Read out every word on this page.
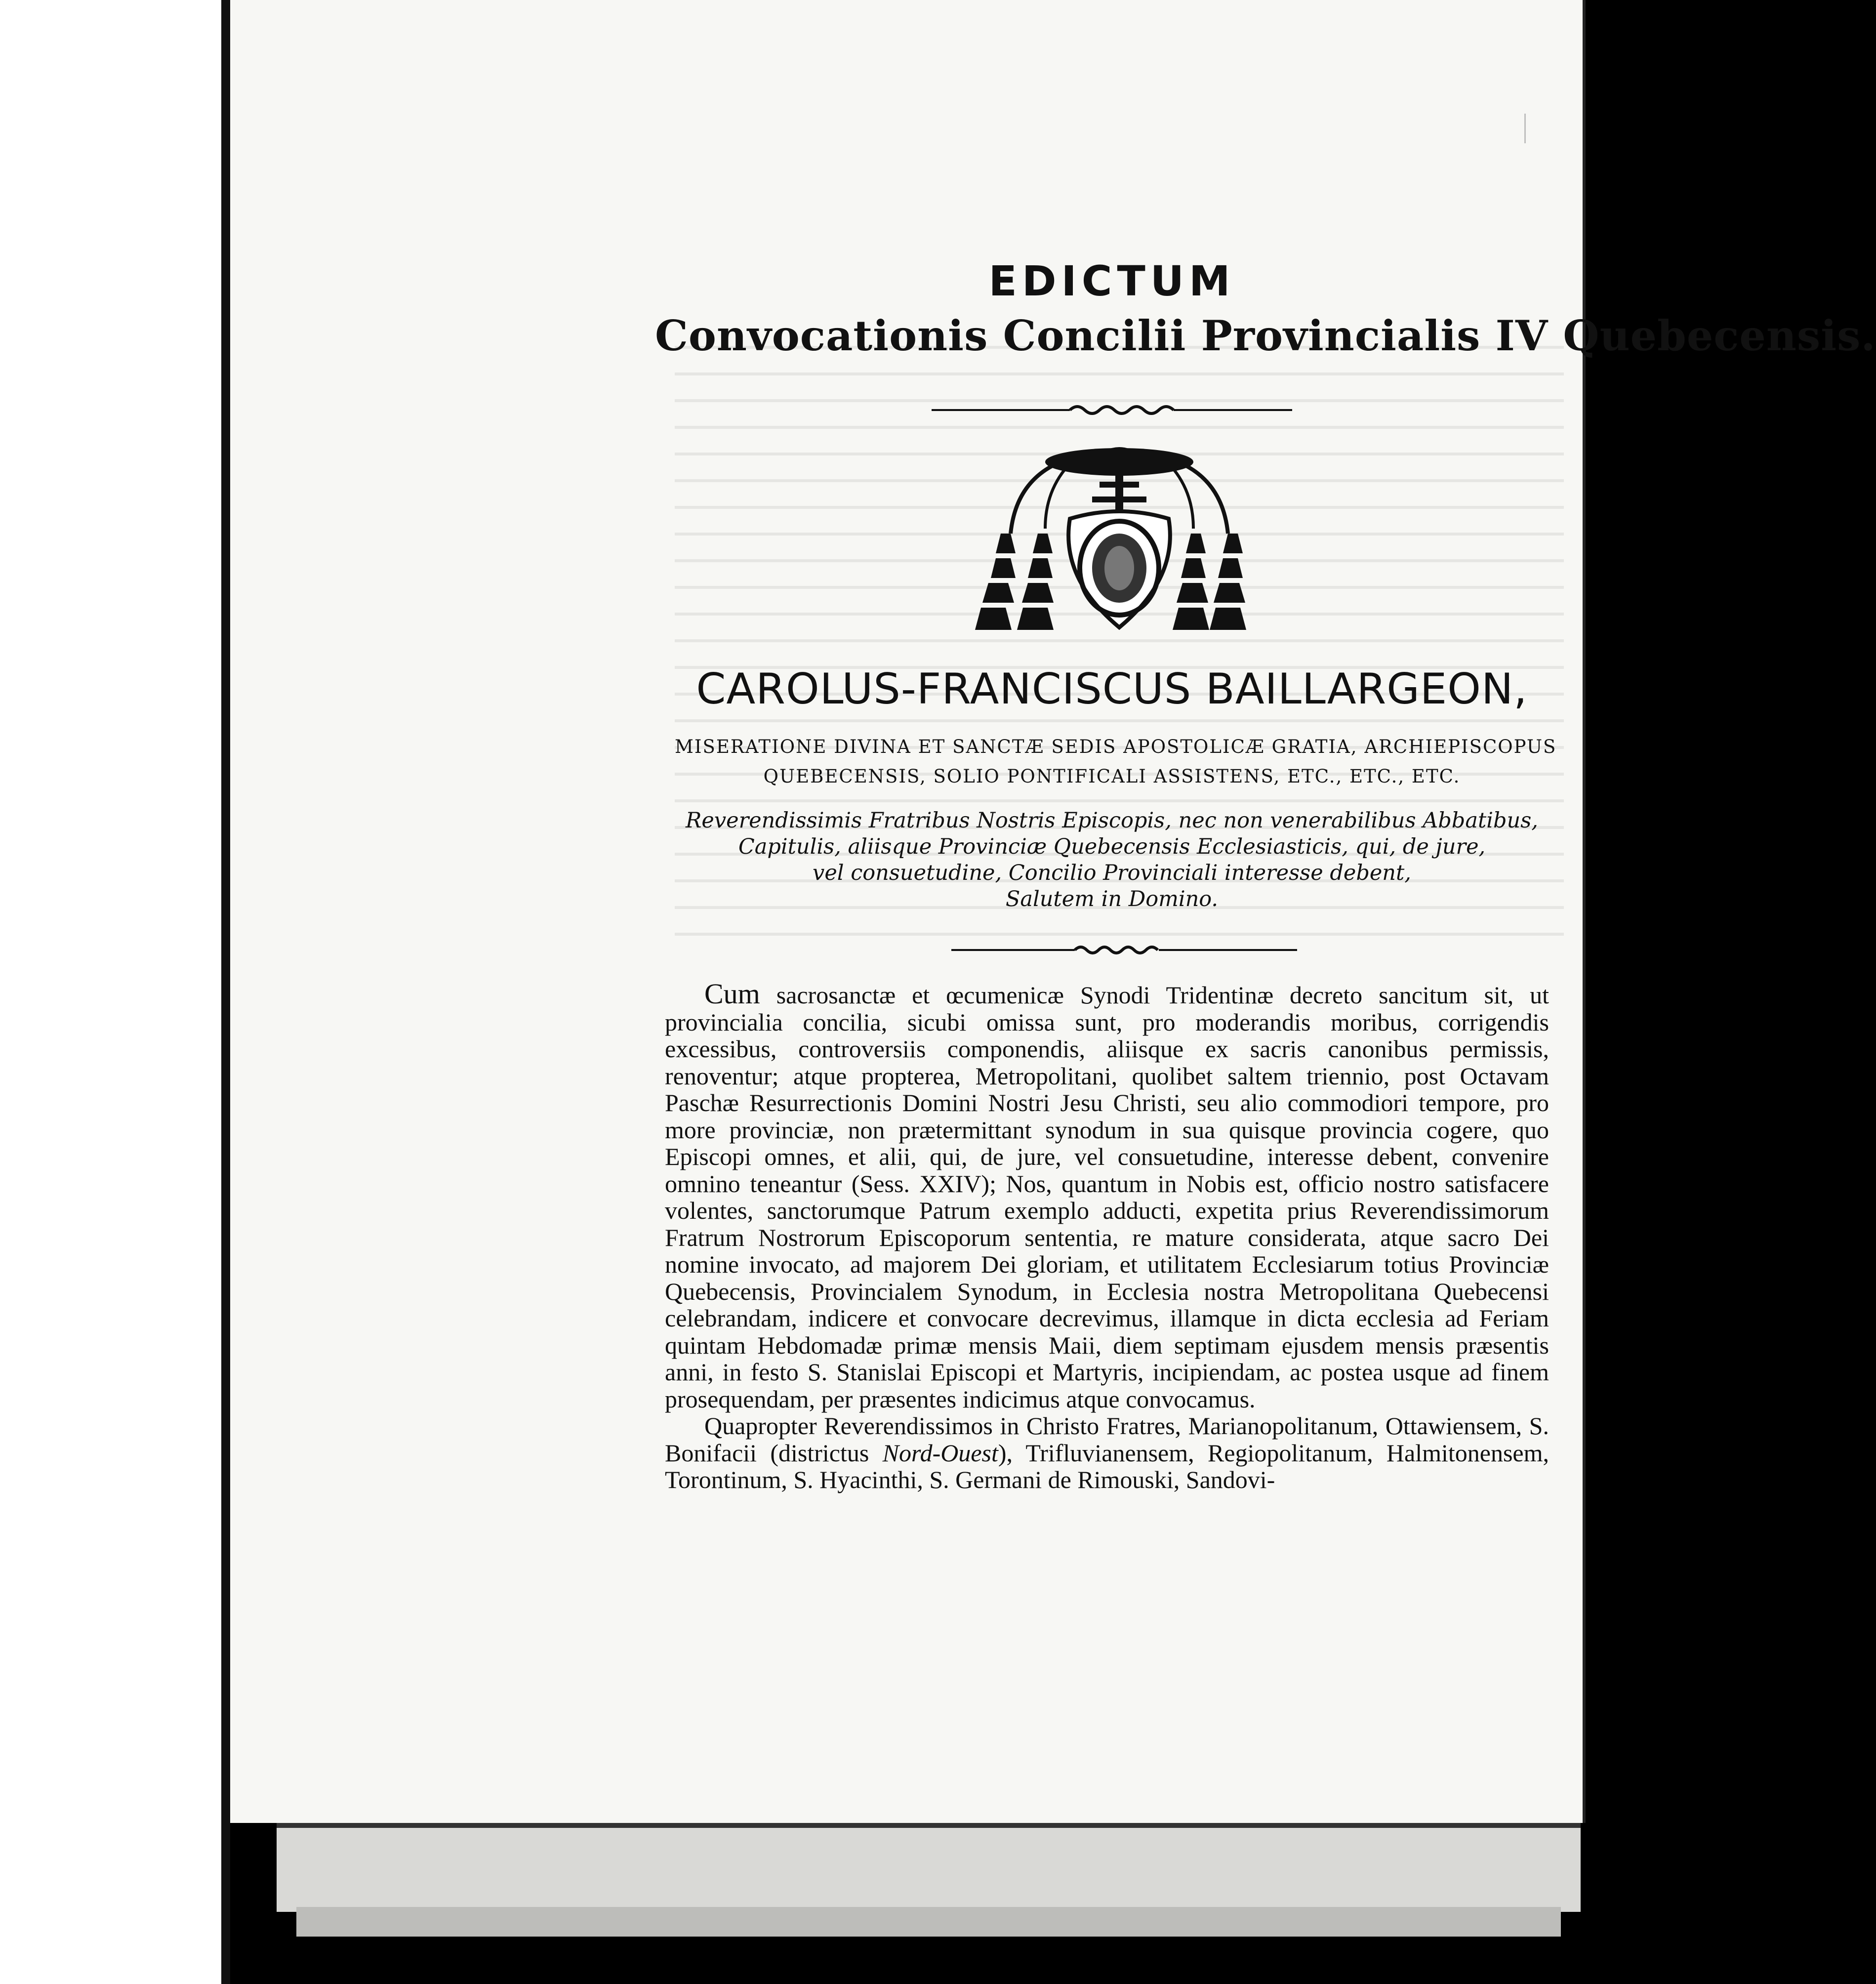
EDICTUM
Convocationis Concilii Provincialis IV Quebecensis.
CAROLUS-FRANCISCUS BAILLARGEON,
MISERATIONE DIVINA ET SANCTÆ SEDIS APOSTOLICÆ GRATIA, ARCHIEPISCOPUS
QUEBECENSIS, SOLIO PONTIFICALI ASSISTENS, ETC., ETC., ETC.
Reverendissimis Fratribus Nostris Episcopis, nec non venerabilibus Abbatibus,
Capitulis, aliisque Provinciæ Quebecensis Ecclesiasticis, qui, de jure,
vel consuetudine, Concilio Provinciali interesse debent,
Salutem in Domino.

Cum sacrosanctæ et œcumenicæ Synodi Tridentinæ decreto sancitum sit, ut provincialia concilia, sicubi omissa sunt, pro moderandis moribus, corrigendis excessibus, controversiis componendis, aliisque ex sacris canonibus permissis, renoventur; atque propterea, Metropolitani, quolibet saltem triennio, post Octavam Paschæ Resurrectionis Domini Nostri Jesu Christi, seu alio commodiori tempore, pro more provinciæ, non prætermittant synodum in sua quisque provincia cogere, quo Episcopi omnes, et alii, qui, de jure, vel consuetudine, interesse debent, convenire omnino teneantur (Sess. XXIV); Nos, quantum in Nobis est, officio nostro satisfacere volentes, sanctorumque Patrum exemplo adducti, expetita prius Reverendissimorum Fratrum Nostrorum Episcoporum sententia, re mature considerata, atque sacro Dei nomine invocato, ad majorem Dei gloriam, et utilitatem Ecclesiarum totius Provinciæ Quebecensis, Provincialem Synodum, in Ecclesia nostra Metropolitana Quebecensi celebrandam, indicere et convocare decrevimus, illamque in dicta ecclesia ad Feriam quintam Hebdomadæ primæ mensis Maii, diem septimam ejusdem mensis præsentis anni, in festo S. Stanislai Episcopi et Martyris, incipiendam, ac postea usque ad finem prosequendam, per præsentes indicimus atque convocamus.

Quapropter Reverendissimos in Christo Fratres, Marianopolitanum, Ottawiensem, S. Bonifacii (districtus Nord-Ouest), Trifluvianensem, Regiopolitanum, Halmitonensem, Torontinum, S. Hyacinthi, S. Germani de Rimouski, Sandovi-
